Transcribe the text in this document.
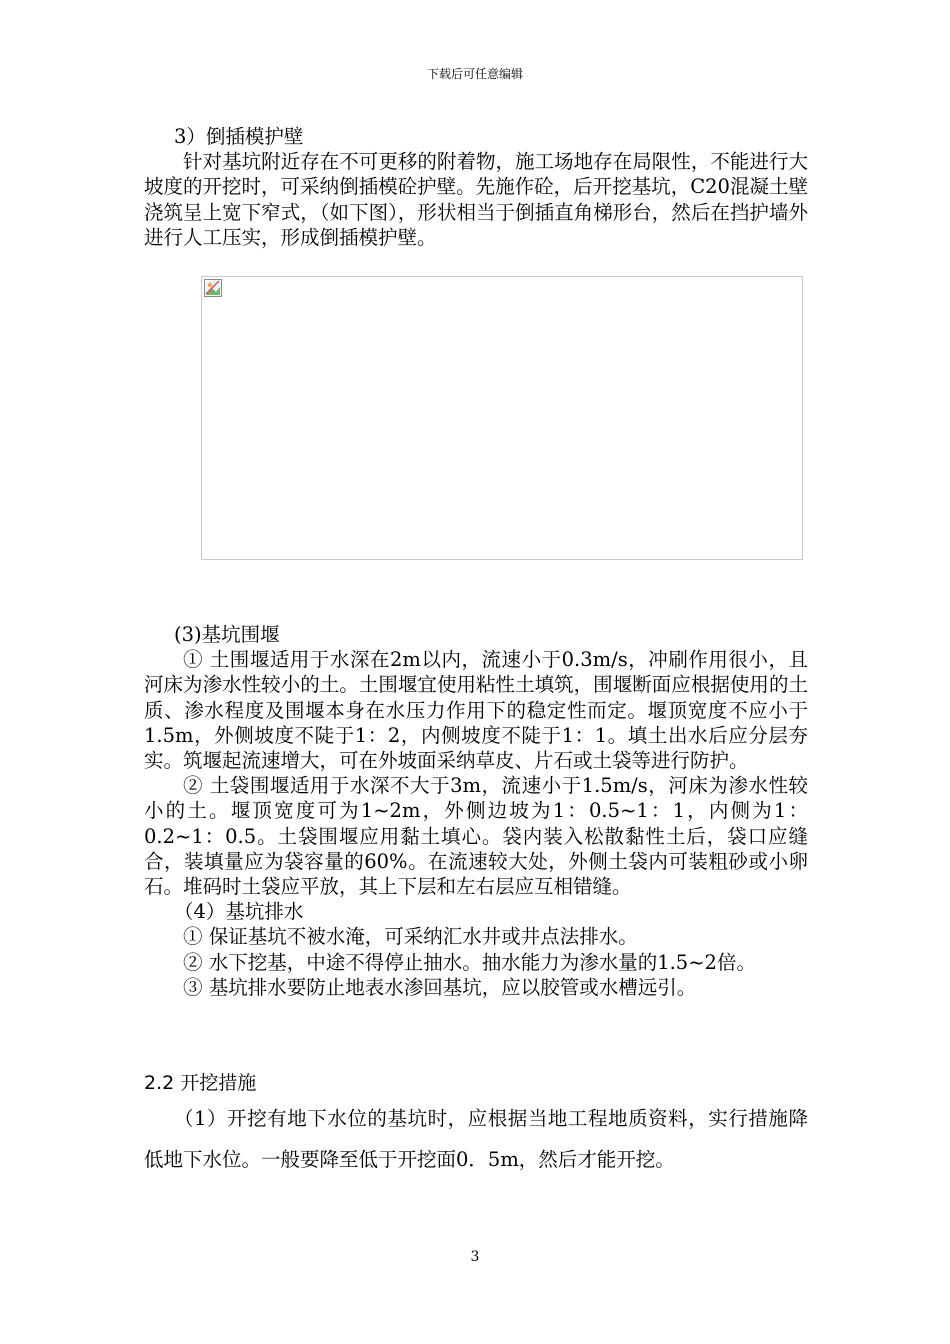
下载后可任意编辑

3）倒插模护壁

针对基坑附近存在不可更移的附着物，施工场地存在局限性，不能进行大坡度的开挖时，可采纳倒插模砼护壁。先施作砼，后开挖基坑，C20混凝土壁浇筑呈上宽下窄式，（如下图），形状相当于倒插直角梯形台，然后在挡护墙外进行人工压实，形成倒插模护壁。

(3)基坑围堰

① 土围堰适用于水深在2m以内，流速小于0.3m/s，冲刷作用很小，且河床为渗水性较小的土。土围堰宜使用粘性土填筑，围堰断面应根据使用的土质、渗水程度及围堰本身在水压力作用下的稳定性而定。堰顶宽度不应小于1.5m，外侧坡度不陡于1：2，内侧坡度不陡于1：1。填土出水后应分层夯实。筑堰起流速增大，可在外坡面采纳草皮、片石或土袋等进行防护。

② 土袋围堰适用于水深不大于3m，流速小于1.5m/s，河床为渗水性较小的土。堰顶宽度可为1~2m，外侧边坡为1：0.5~1：1，内侧为1：0.2~1：0.5。土袋围堰应用黏土填心。袋内装入松散黏性土后，袋口应缝合，装填量应为袋容量的60%。在流速较大处，外侧土袋内可装粗砂或小卵石。堆码时土袋应平放，其上下层和左右层应互相错缝。

（4）基坑排水

① 保证基坑不被水淹，可采纳汇水井或井点法排水。

② 水下挖基，中途不得停止抽水。抽水能力为渗水量的1.5~2倍。

③ 基坑排水要防止地表水渗回基坑，应以胶管或水槽远引。

2.2 开挖措施

（1）开挖有地下水位的基坑时，应根据当地工程地质资料，实行措施降低地下水位。一般要降至低于开挖面0．5m，然后才能开挖。

3
